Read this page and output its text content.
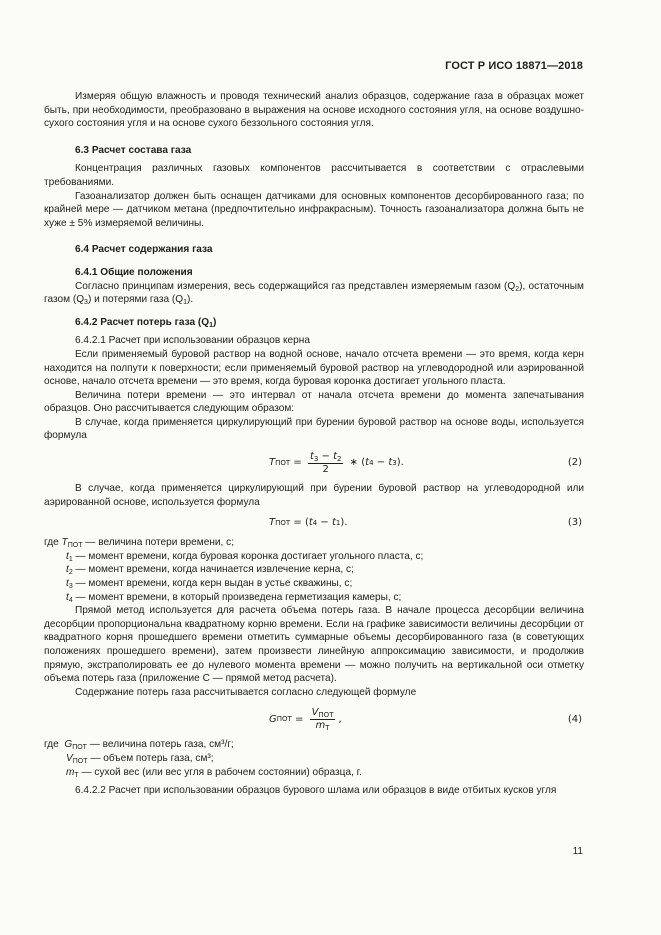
ГОСТ Р ИСО 18871—2018

Измеряя общую влажность и проводя технический анализ образцов, содержание газа в образцах может быть, при необходимости, преобразовано в выражения на основе исходного состояния угля, на основе воздушно-сухого состояния угля и на основе сухого беззольного состояния угля.

6.3 Расчет состава газа

Концентрация различных газовых компонентов рассчитывается в соответствии с отраслевыми требованиями.

Газоанализатор должен быть оснащен датчиками для основных компонентов десорбированного газа; по крайней мере — датчиком метана (предпочтительно инфракрасным). Точность газоанализатора должна быть не хуже ± 5% измеряемой величины.

6.4 Расчет содержания газа

6.4.1 Общие положения

Согласно принципам измерения, весь содержащийся газ представлен измеряемым газом $(Q_2)$, остаточным газом $(Q_3)$ и потерями газа $(Q_1)$.

6.4.2 Расчет потерь газа $(Q_1)$

6.4.2.1 Расчет при использовании образцов керна

Если применяемый буровой раствор на водной основе, начало отсчета времени — это время, когда керн находится на полпути к поверхности; если применяемый буровой раствор на углеводородной или аэрированной основе, начало отсчета времени — это время, когда буровая коронка достигает угольного пласта.

Величина потери времени — это интервал от начала отсчета времени до момента запечатывания образцов. Оно рассчитывается следующим образом:

В случае, когда применяется циркулирующий при бурении буровой раствор на основе воды, используется формула

T ПОТ
=
$\frac{t_3 - t_2}{2}$
∗
( t 4
−
t 3 ) .	(2)

В случае, когда применяется циркулирующий при бурении буровой раствор на углеводородной или аэрированной основе, используется формула

T ПОТ
=
( t 4
−
t 1 ) .	(3)

где $T_{ПОТ}$ — величина потери времени, с;

$t_1$ — момент времени, когда буровая коронка достигает угольного пласта, с;

$t_2$ — момент времени, когда начинается извлечение керна, с;

$t_3$ — момент времени, когда керн выдан в устье скважины, с;

$t_4$ — момент времени, в который произведена герметизация камеры, с;

Прямой метод используется для расчета объема потерь газа. В начале процесса десорбции величина десорбции пропорциональна квадратному корню времени. Если на графике зависимости величины десорбции от квадратного корня прошедшего времени отметить суммарные объемы десорбированного газа (в советующих положениях прошедшего времени), затем произвести линейную аппроксимацию зависимости, и продолжив прямую, экстраполировать ее до нулевого момента времени — можно получить на вертикальной оси отметку объема потерь газа (приложение С — прямой метод расчета).

Содержание потерь газа рассчитывается согласно следующей формуле

G ПОТ
=
$\frac{V_{ПОТ}}{m_T}$ ,	(4)

где $G_{ПОТ}$ — величина потерь газа, см³/г;

$V_{ПОТ}$ — объем потерь газа, см³;

$m_T$ — сухой вес (или вес угля в рабочем состоянии) образца, г.

6.4.2.2 Расчет при использовании образцов бурового шлама или образцов в виде отбитых кусков угля

11
